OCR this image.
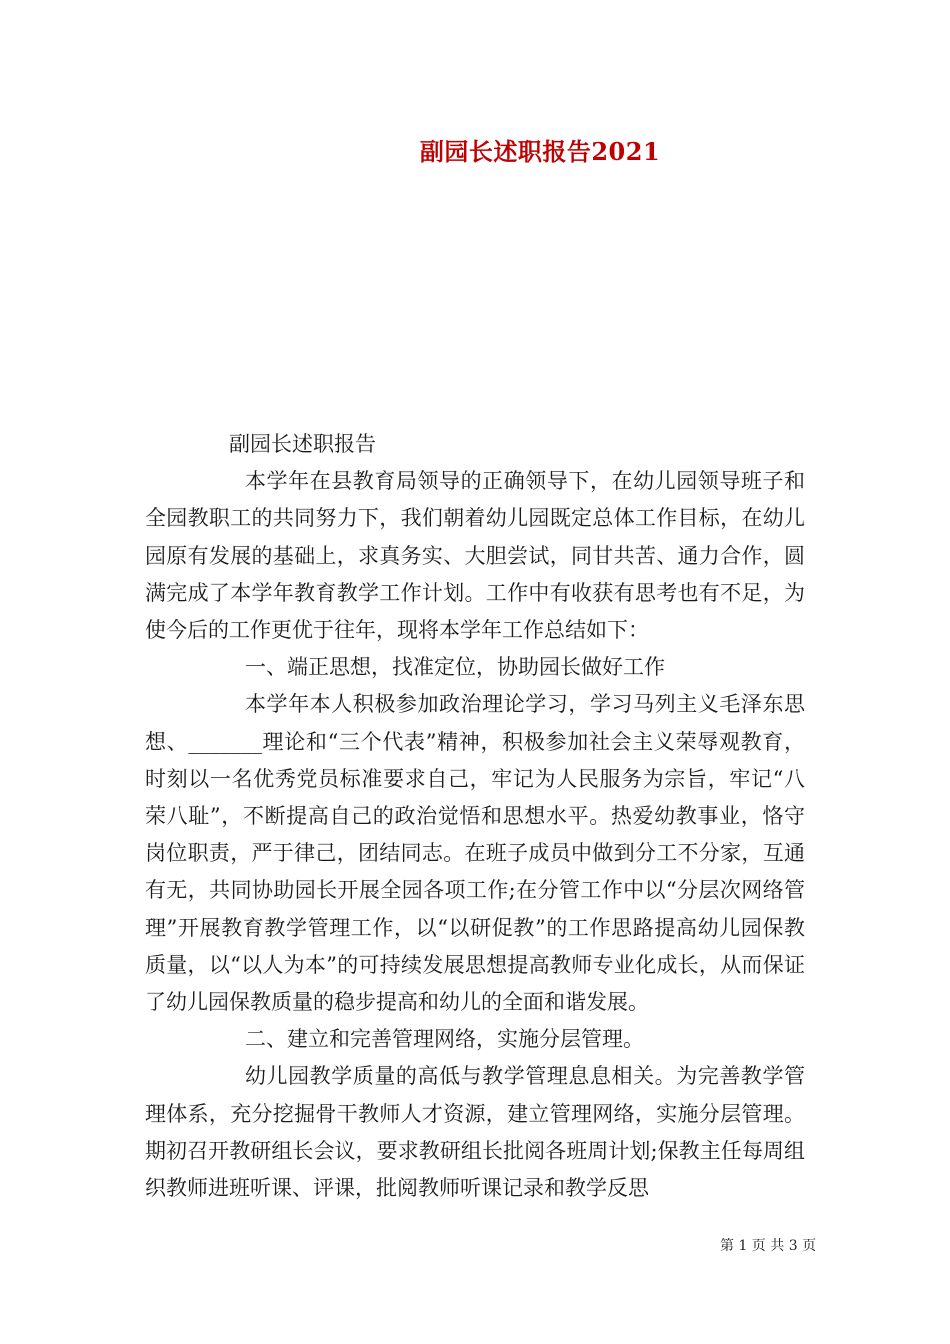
副园长述职报告2021

副园长述职报告

本学年在县教育局领导的正确领导下，在幼儿园领导班子和全园教职工的共同努力下，我们朝着幼儿园既定总体工作目标，在幼儿园原有发展的基础上，求真务实、大胆尝试，同甘共苦、通力合作，圆满完成了本学年教育教学工作计划。工作中有收获有思考也有不足，为使今后的工作更优于往年，现将本学年工作总结如下：

一、端正思想，找准定位，协助园长做好工作

本学年本人积极参加政治理论学习，学习马列主义毛泽东思想、_______理论和“三个代表”精神，积极参加社会主义荣辱观教育，时刻以一名优秀党员标准要求自己，牢记为人民服务为宗旨，牢记“八荣八耻”，不断提高自己的政治觉悟和思想水平。热爱幼教事业，恪守岗位职责，严于律己，团结同志。在班子成员中做到分工不分家，互通有无，共同协助园长开展全园各项工作;在分管工作中以“分层次网络管理”开展教育教学管理工作，以“以研促教”的工作思路提高幼儿园保教质量，以“以人为本”的可持续发展思想提高教师专业化成长，从而保证了幼儿园保教质量的稳步提高和幼儿的全面和谐发展。

二、建立和完善管理网络，实施分层管理。

幼儿园教学质量的高低与教学管理息息相关。为完善教学管理体系，充分挖掘骨干教师人才资源，建立管理网络，实施分层管理。期初召开教研组长会议，要求教研组长批阅各班周计划;保教主任每周组织教师进班听课、评课，批阅教师听课记录和教学反思

第 1 页 共 3 页
